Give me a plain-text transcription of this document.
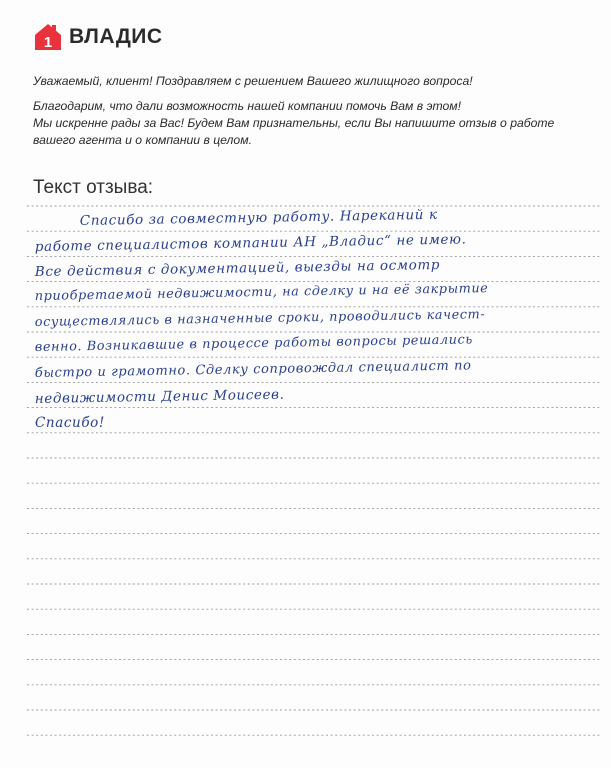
1 ВЛАДИС

Уважаемый, клиент! Поздравляем с решением Вашего жилищного вопроса!

Благодарим, что дали возможность нашей компании помочь Вам в этом!

Мы искренне рады за Вас! Будем Вам признательны, если Вы напишите отзыв о работе

вашего агента и о компании в целом.

Текст отзыва:
Спасибо за совместную работу. Нареканий к
работе специалистов компании АН „Владис“ не имею.
Все действия с документацией, выезды на осмотр
приобретаемой недвижимости, на сделку и на её закрытие
осуществлялись в назначенные сроки, проводились качест-
венно. Возникавшие в процессе работы вопросы решались
быстро и грамотно. Сделку сопровождал специалист по
недвижимости Денис Моисеев.
Спасибо!
